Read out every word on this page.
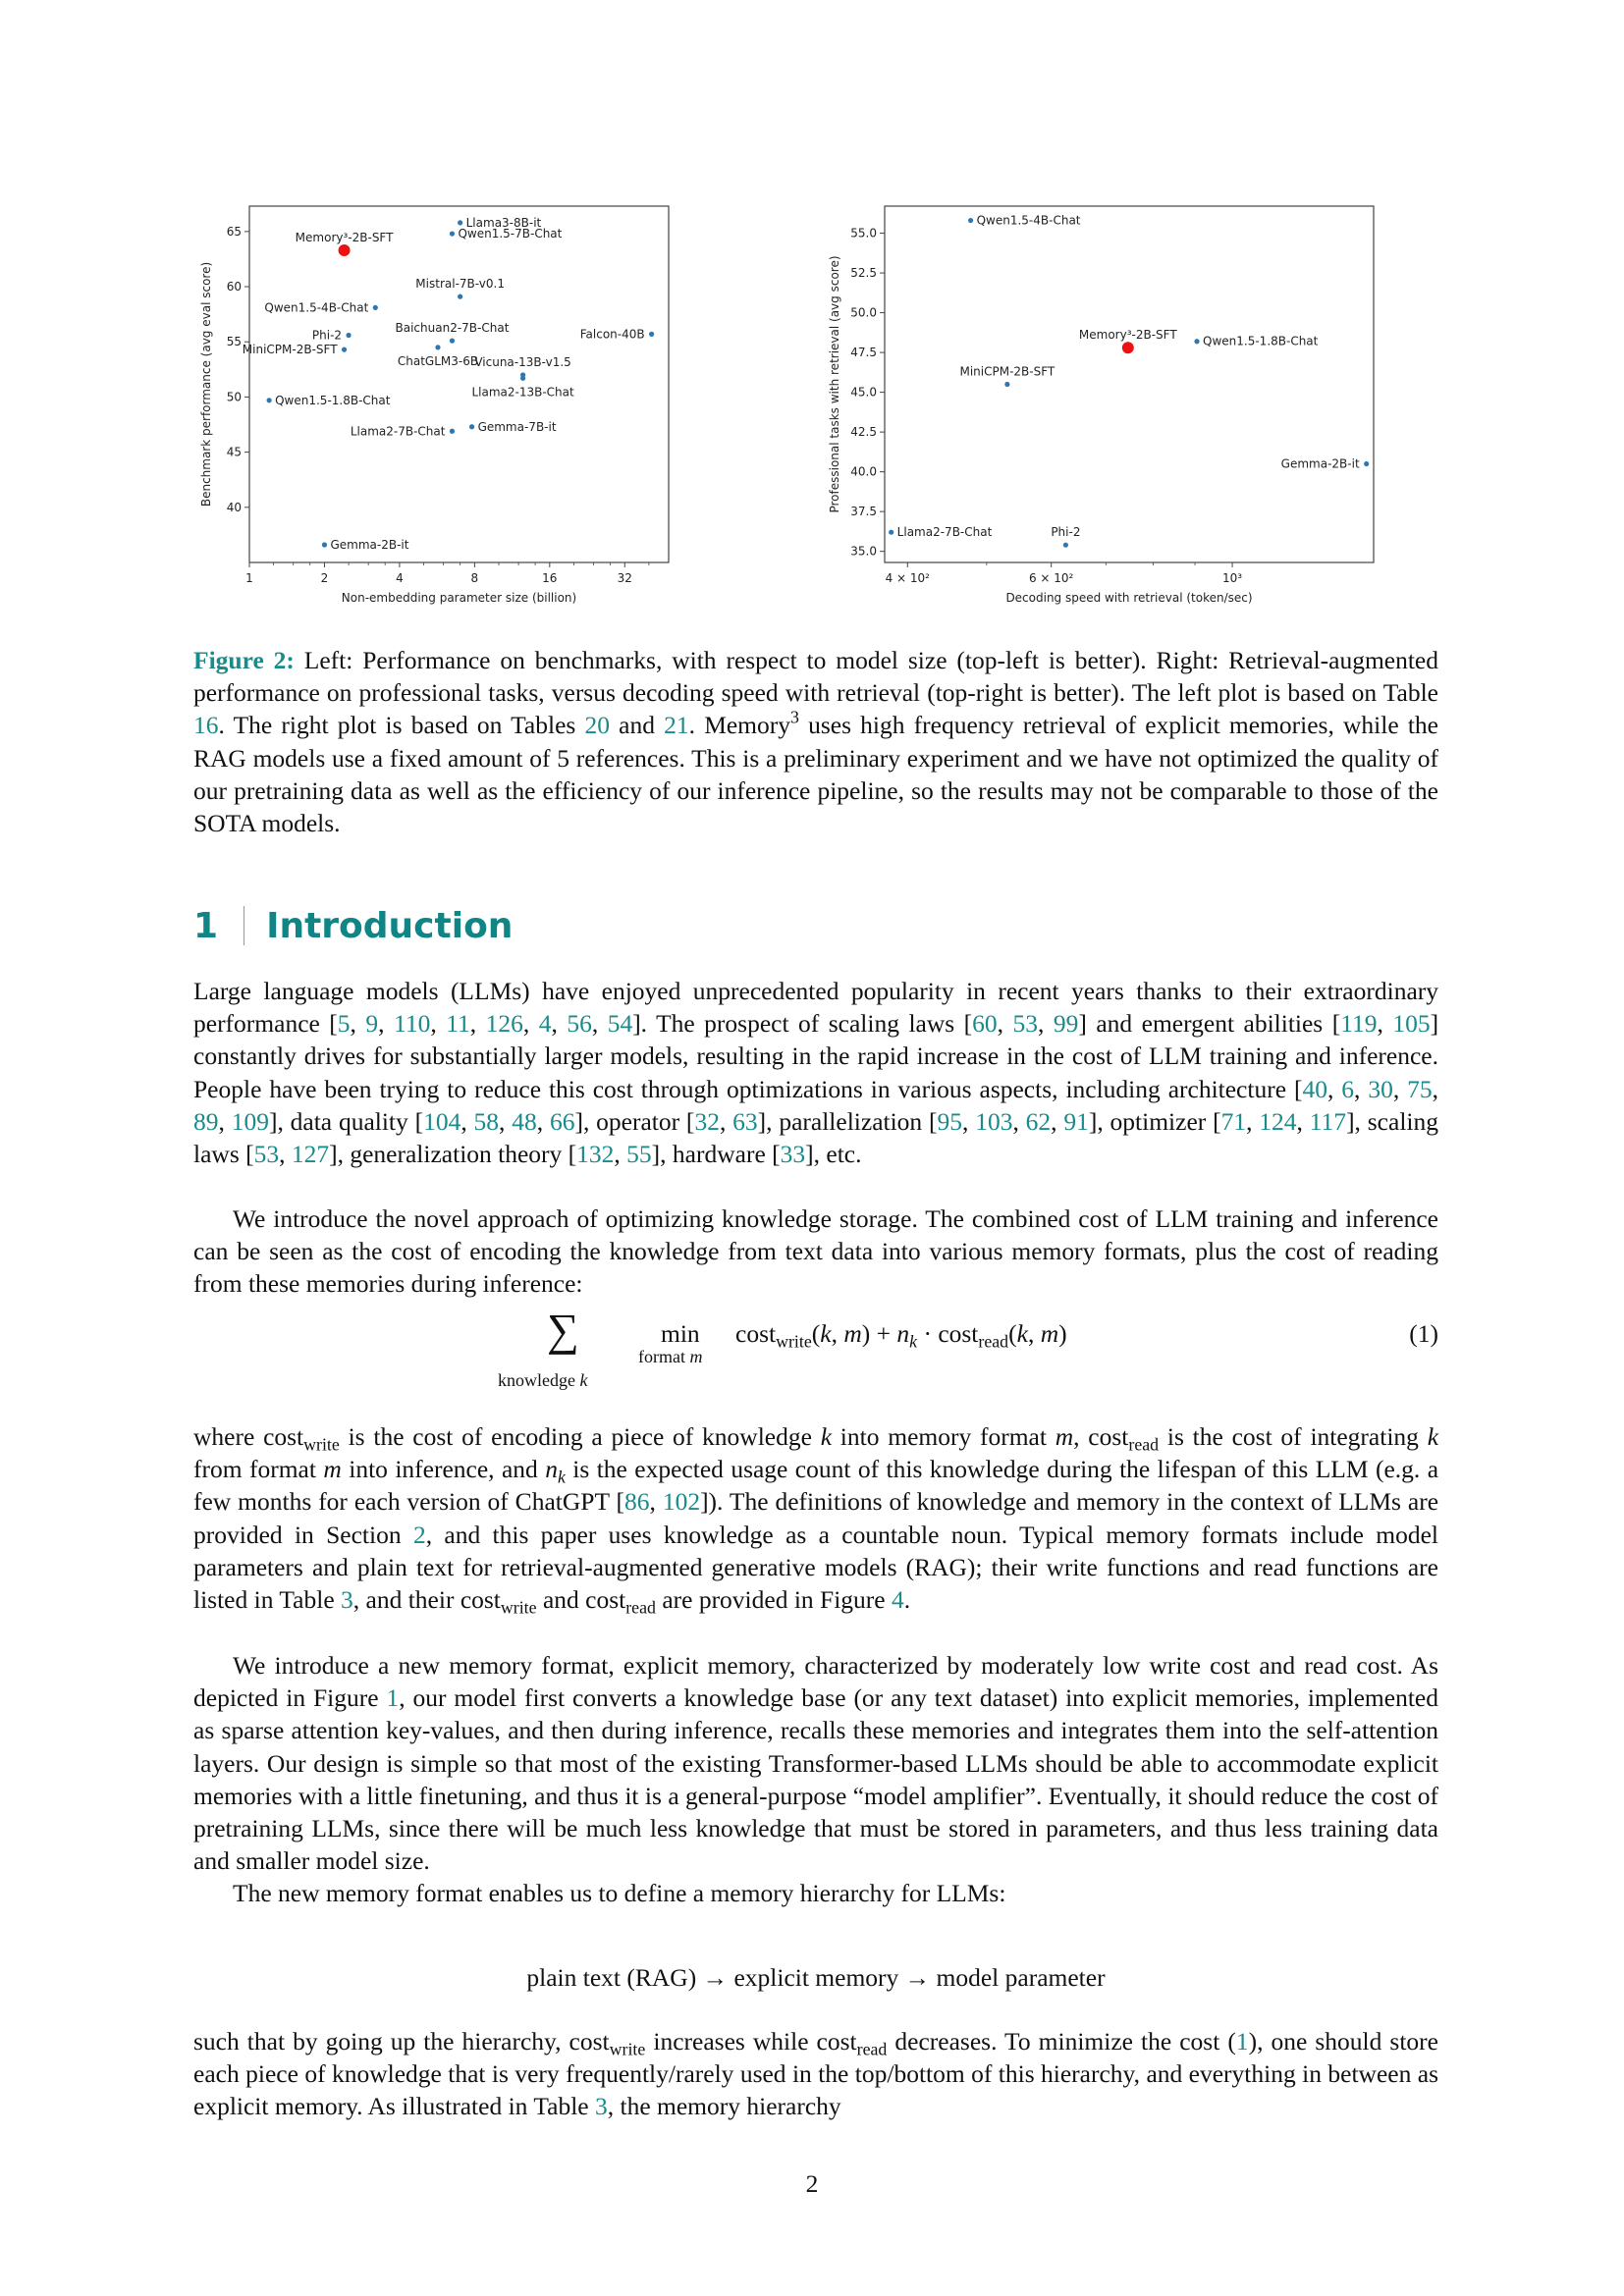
40
45
50
55
60
65
1	2	4	8	16	32
Non-embedding parameter size (billion)
Benchmark performance (avg eval score)
Memory³-2B-SFT
Llama3-8B-it
Qwen1.5-7B-Chat
Mistral-7B-v0.1
Qwen1.5-4B-Chat
Phi-2
MiniCPM-2B-SFT
Baichuan2-7B-Chat
ChatGLM3-6B
Falcon-40B
Vicuna-13B-v1.5
Llama2-13B-Chat
Qwen1.5-1.8B-Chat
Llama2-7B-Chat	Gemma-7B-it
Gemma-2B-it	35.0
37.5
40.0
42.5
45.0
47.5
50.0
52.5
55.0
4 × 10²	6 × 10²	10³
Decoding speed with retrieval (token/sec)
Professional tasks with retrieval (avg score)
Qwen1.5-4B-Chat
Memory³-2B-SFT Qwen1.5-1.8B-Chat
MiniCPM-2B-SFT
Gemma-2B-it
Llama2-7B-Chat	Phi-2
Figure 2: Left: Performance on benchmarks, with respect to model size (top-left is better). Right: Retrieval-augmented performance on professional tasks, versus decoding speed with retrieval (top-right is better). The left plot is based on Table 16. The right plot is based on Tables 20 and 21. Memory$^3$ uses high frequency retrieval of explicit memories, while the RAG models use a fixed amount of 5 references. This is a preliminary experiment and we have not optimized the quality of our pretraining data as well as the efficiency of our inference pipeline, so the results may not be comparable to those of the SOTA models.
1 Introduction

Large language models (LLMs) have enjoyed unprecedented popularity in recent years thanks to their extraordinary performance [5, 9, 110, 11, 126, 4, 56, 54]. The prospect of scaling laws [60, 53, 99] and emergent abilities [119, 105] constantly drives for substantially larger models, resulting in the rapid increase in the cost of LLM training and inference. People have been trying to reduce this cost through optimizations in various aspects, including architecture [40, 6, 30, 75, 89, 109], data quality [104, 58, 48, 66], operator [32, 63], parallelization [95, 103, 62, 91], optimizer [71, 124, 117], scaling laws [53, 127], generalization theory [132, 55], hardware [33], etc.

We introduce the novel approach of optimizing knowledge storage. The combined cost of LLM training and inference can be seen as the cost of encoding the knowledge from text data into various memory formats, plus the cost of reading from these memories during inference:

∑
knowledge k
min
format m
cost$_{write}$(k, $m) + n_k \cdot \cos t_{read}(k$, m)	(1)

where cost$_{write}$ is the cost of encoding a piece of knowledge k into memory format m, cost$_{read}$ is the cost of integrating k from format m into inference, and $n_k$ is the expected usage count of this knowledge during the lifespan of this LLM (e.g. a few months for each version of ChatGPT [86, 102]). The definitions of knowledge and memory in the context of LLMs are provided in Section 2, and this paper uses knowledge as a countable noun. Typical memory formats include model parameters and plain text for retrieval-augmented generative models (RAG); their write functions and read functions are listed in Table 3, and their cost$_{write}$ and cost$_{read}$ are provided in Figure 4.

We introduce a new memory format, explicit memory, characterized by moderately low write cost and read cost. As depicted in Figure 1, our model first converts a knowledge base (or any text dataset) into explicit memories, implemented as sparse attention key-values, and then during inference, recalls these memories and integrates them into the self-attention layers. Our design is simple so that most of the existing Transformer-based LLMs should be able to accommodate explicit memories with a little finetuning, and thus it is a general-purpose “model amplifier”. Eventually, it should reduce the cost of pretraining LLMs, since there will be much less knowledge that must be stored in parameters, and thus less training data and smaller model size.

The new memory format enables us to define a memory hierarchy for LLMs:

plain text (RAG) → explicit memory → model parameter

such that by going up the hierarchy, cost$_{write}$ increases while cost$_{read}$ decreases. To minimize the cost (1), one should store each piece of knowledge that is very frequently/rarely used in the top/bottom of this hierarchy, and everything in between as explicit memory. As illustrated in Table 3, the memory hierarchy

2
